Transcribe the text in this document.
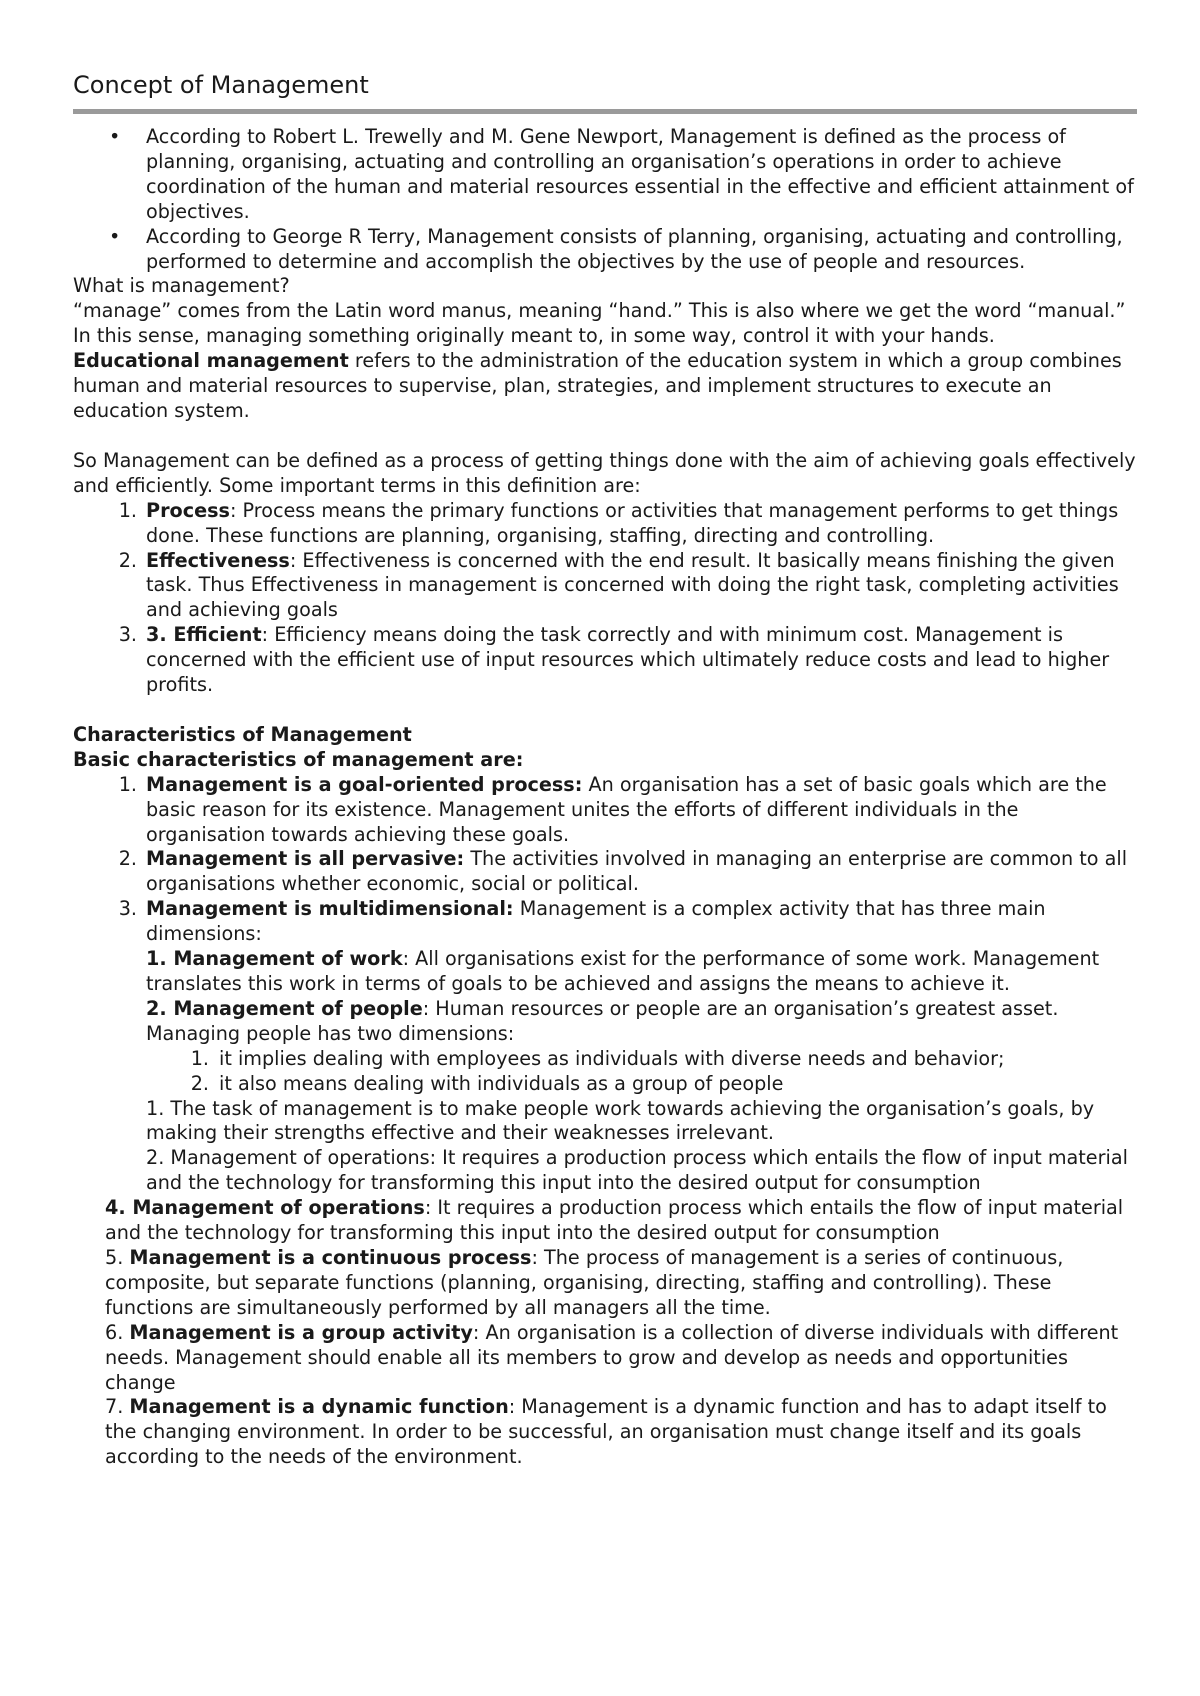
Concept of Management
• According to Robert L. Trewelly and M. Gene Newport, Management is defined as the process of planning, organising, actuating and controlling an organisation’s operations in order to achieve coordination of the human and material resources essential in the effective and efficient attainment of objectives.
• According to George R Terry, Management consists of planning, organising, actuating and controlling, performed to determine and accomplish the objectives by the use of people and resources.

What is management?

“manage” comes from the Latin word manus, meaning “hand.” This is also where we get the word “manual.” In this sense, managing something originally meant to, in some way, control it with your hands.

Educational management refers to the administration of the education system in which a group combines human and material resources to supervise, plan, strategies, and implement structures to execute an education system.

So Management can be defined as a process of getting things done with the aim of achieving goals effectively and efficiently. Some important terms in this definition are:

1. Process: Process means the primary functions or activities that management performs to get things done. These functions are planning, organising, staffing, directing and controlling.
2. Effectiveness: Effectiveness is concerned with the end result. It basically means finishing the given task. Thus Effectiveness in management is concerned with doing the right task, completing activities and achieving goals
3. 3. Efficient: Efficiency means doing the task correctly and with minimum cost. Management is concerned with the efficient use of input resources which ultimately reduce costs and lead to higher profits.

Characteristics of Management

Basic characteristics of management are:

1. Management is a goal-oriented process: An organisation has a set of basic goals which are the basic reason for its existence. Management unites the efforts of different individuals in the organisation towards achieving these goals.
2. Management is all pervasive: The activities involved in managing an enterprise are common to all organisations whether economic, social or political.
3. Management is multidimensional: Management is a complex activity that has three main dimensions:
1. Management of work: All organisations exist for the performance of some work. Management translates this work in terms of goals to be achieved and assigns the means to achieve it.
2. Management of people: Human resources or people are an organisation’s greatest asset. Managing people has two dimensions:
1. it implies dealing with employees as individuals with diverse needs and behavior;
2. it also means dealing with individuals as a group of people
1. The task of management is to make people work towards achieving the organisation’s goals, by making their strengths effective and their weaknesses irrelevant.
2. Management of operations: It requires a production process which entails the flow of input material and the technology for transforming this input into the desired output for consumption
4. Management of operations: It requires a production process which entails the flow of input material and the technology for transforming this input into the desired output for consumption
5. Management is a continuous process: The process of management is a series of continuous, composite, but separate functions (planning, organising, directing, staffing and controlling). These functions are simultaneously performed by all managers all the time.
6. Management is a group activity: An organisation is a collection of diverse individuals with different needs. Management should enable all its members to grow and develop as needs and opportunities change
7. Management is a dynamic function: Management is a dynamic function and has to adapt itself to the changing environment. In order to be successful, an organisation must change itself and its goals according to the needs of the environment.
